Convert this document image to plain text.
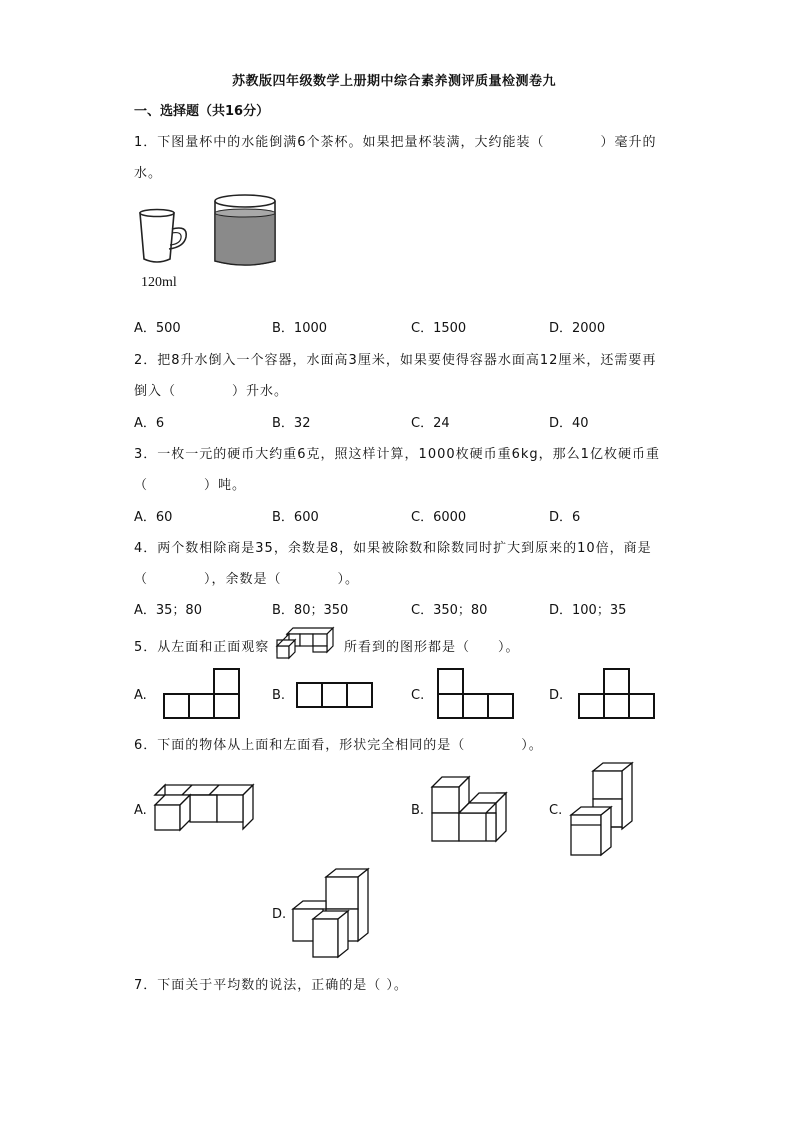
苏教版四年级数学上册期中综合素养测评质量检测卷九
一、选择题（共16分）
1．下图量杯中的水能倒满6个茶杯。如果把量杯装满，大约能装（　　　　）毫升的
水。
120ml
A．500	B．1000	C．1500	D．2000
2．把8升水倒入一个容器，水面高3厘米，如果要使得容器水面高12厘米，还需要再
倒入（　　　　）升水。
A．6	B．32	C．24	D．40
3．一枚一元的硬币大约重6克，照这样计算，1000枚硬币重6kg，那么1亿枚硬币重
（　　　　）吨。
A．60	B．600	C．6000	D．6
4．两个数相除商是35，余数是8，如果被除数和除数同时扩大到原来的10倍，商是
（　　　　），余数是（　　　　）。
A．35；80	B．80；350	C．350；80	D．100；35
5．从左面和正面观察	所看到的图形都是（　　）。
A.	B.	C.	D.
6．下面的物体从上面和左面看，形状完全相同的是（　　　　）。
A.	B.	C.
D.
7．下面关于平均数的说法，正确的是（ ）。
